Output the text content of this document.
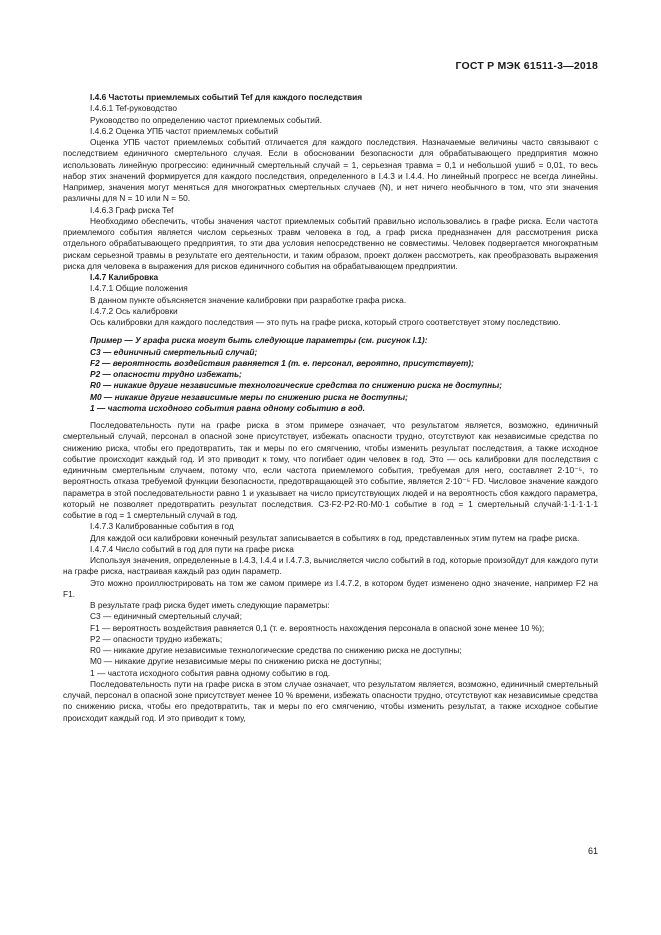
ГОСТ Р МЭК 61511-3—2018

I.4.6 Частоты приемлемых событий Tef для каждого последствия

I.4.6.1 Tef-руководство

Руководство по определению частот приемлемых событий.

I.4.6.2 Оценка УПБ частот приемлемых событий

Оценка УПБ частот приемлемых событий отличается для каждого последствия. Назначаемые величины часто связывают с последствием единичного смертельного случая. Если в обосновании безопасности для обрабатывающего предприятия можно использовать линейную прогрессию: единичный смертельный случай = 1, серьезная травма = 0,1 и небольшой ушиб = 0,01, то весь набор этих значений формируется для каждого последствия, определенного в I.4.3 и I.4.4. Но линейный прогресс не всегда линейны. Например, значения могут меняться для многократных смертельных случаев (N), и нет ничего необычного в том, что эти значения различны для N = 10 или N = 50.

I.4.6.3 Граф риска Tef

Необходимо обеспечить, чтобы значения частот приемлемых событий правильно использовались в графе риска. Если частота приемлемого события является числом серьезных травм человека в год, а граф риска предназначен для рассмотрения риска отдельного обрабатывающего предприятия, то эти два условия непосредственно не совместимы. Человек подвергается многократным рискам серьезной травмы в результате его деятельности, и таким образом, проект должен рассмотреть, как преобразовать выражения риска для человека в выражения для рисков единичного события на обрабатывающем предприятии.

I.4.7 Калибровка

I.4.7.1 Общие положения

В данном пункте объясняется значение калибровки при разработке графа риска.

I.4.7.2 Ось калибровки

Ось калибровки для каждого последствия — это путь на графе риска, который строго соответствует этому последствию.

Пример — У графа риска могут быть следующие параметры (см. рисунок I.1):

C3 — единичный смертельный случай;

F2 — вероятность воздействия равняется 1 (т. е. персонал, вероятно, присутствует);

P2 — опасности трудно избежать;

R0 — никакие другие независимые технологические средства по снижению риска не доступны;

M0 — никакие другие независимые меры по снижению риска не доступны;

1 — частота исходного события равна одному событию в год.

Последовательность пути на графе риска в этом примере означает, что результатом является, возможно, единичный смертельный случай, персонал в опасной зоне присутствует, избежать опасности трудно, отсутствуют как независимые средства по снижению риска, чтобы его предотвратить, так и меры по его смягчению, чтобы изменить результат последствия, а также исходное событие происходит каждый год. И это приводит к тому, что погибает один человек в год. Это — ось калибровки для последствия с единичным смертельным случаем, потому что, если частота приемлемого события, требуемая для него, составляет 2·10⁻⁵, то вероятность отказа требуемой функции безопасности, предотвращающей это событие, является 2·10⁻⁵ FD. Числовое значение каждого параметра в этой последовательности равно 1 и указывает на число присутствующих людей и на вероятность сбоя каждого параметра, который не позволяет предотвратить результат последствия. C3·F2·P2·R0·M0·1 событие в год = 1 смертельный случай·1·1·1·1·1 событие в год = 1 смертельный случай в год.

I.4.7.3 Калиброванные события в год

Для каждой оси калибровки конечный результат записывается в событиях в год, представленных этим путем на графе риска.

I.4.7.4 Число событий в год для пути на графе риска

Используя значения, определенные в I.4.3, I.4.4 и I.4.7.3, вычисляется число событий в год, которые произойдут для каждого пути на графе риска, настраивая каждый раз один параметр.

Это можно проиллюстрировать на том же самом примере из I.4.7.2, в котором будет изменено одно значение, например F2 на F1.

В результате граф риска будет иметь следующие параметры:

C3 — единичный смертельный случай;

F1 — вероятность воздействия равняется 0,1 (т. е. вероятность нахождения персонала в опасной зоне менее 10 %);

P2 — опасности трудно избежать;

R0 — никакие другие независимые технологические средства по снижению риска не доступны;

M0 — никакие другие независимые меры по снижению риска не доступны;

1 — частота исходного события равна одному событию в год.

Последовательность пути на графе риска в этом случае означает, что результатом является, возможно, единичный смертельный случай, персонал в опасной зоне присутствует менее 10 % времени, избежать опасности трудно, отсутствуют как независимые средства по снижению риска, чтобы его предотвратить, так и меры по его смягчению, чтобы изменить результат, а также исходное событие происходит каждый год. И это приводит к тому,

61
